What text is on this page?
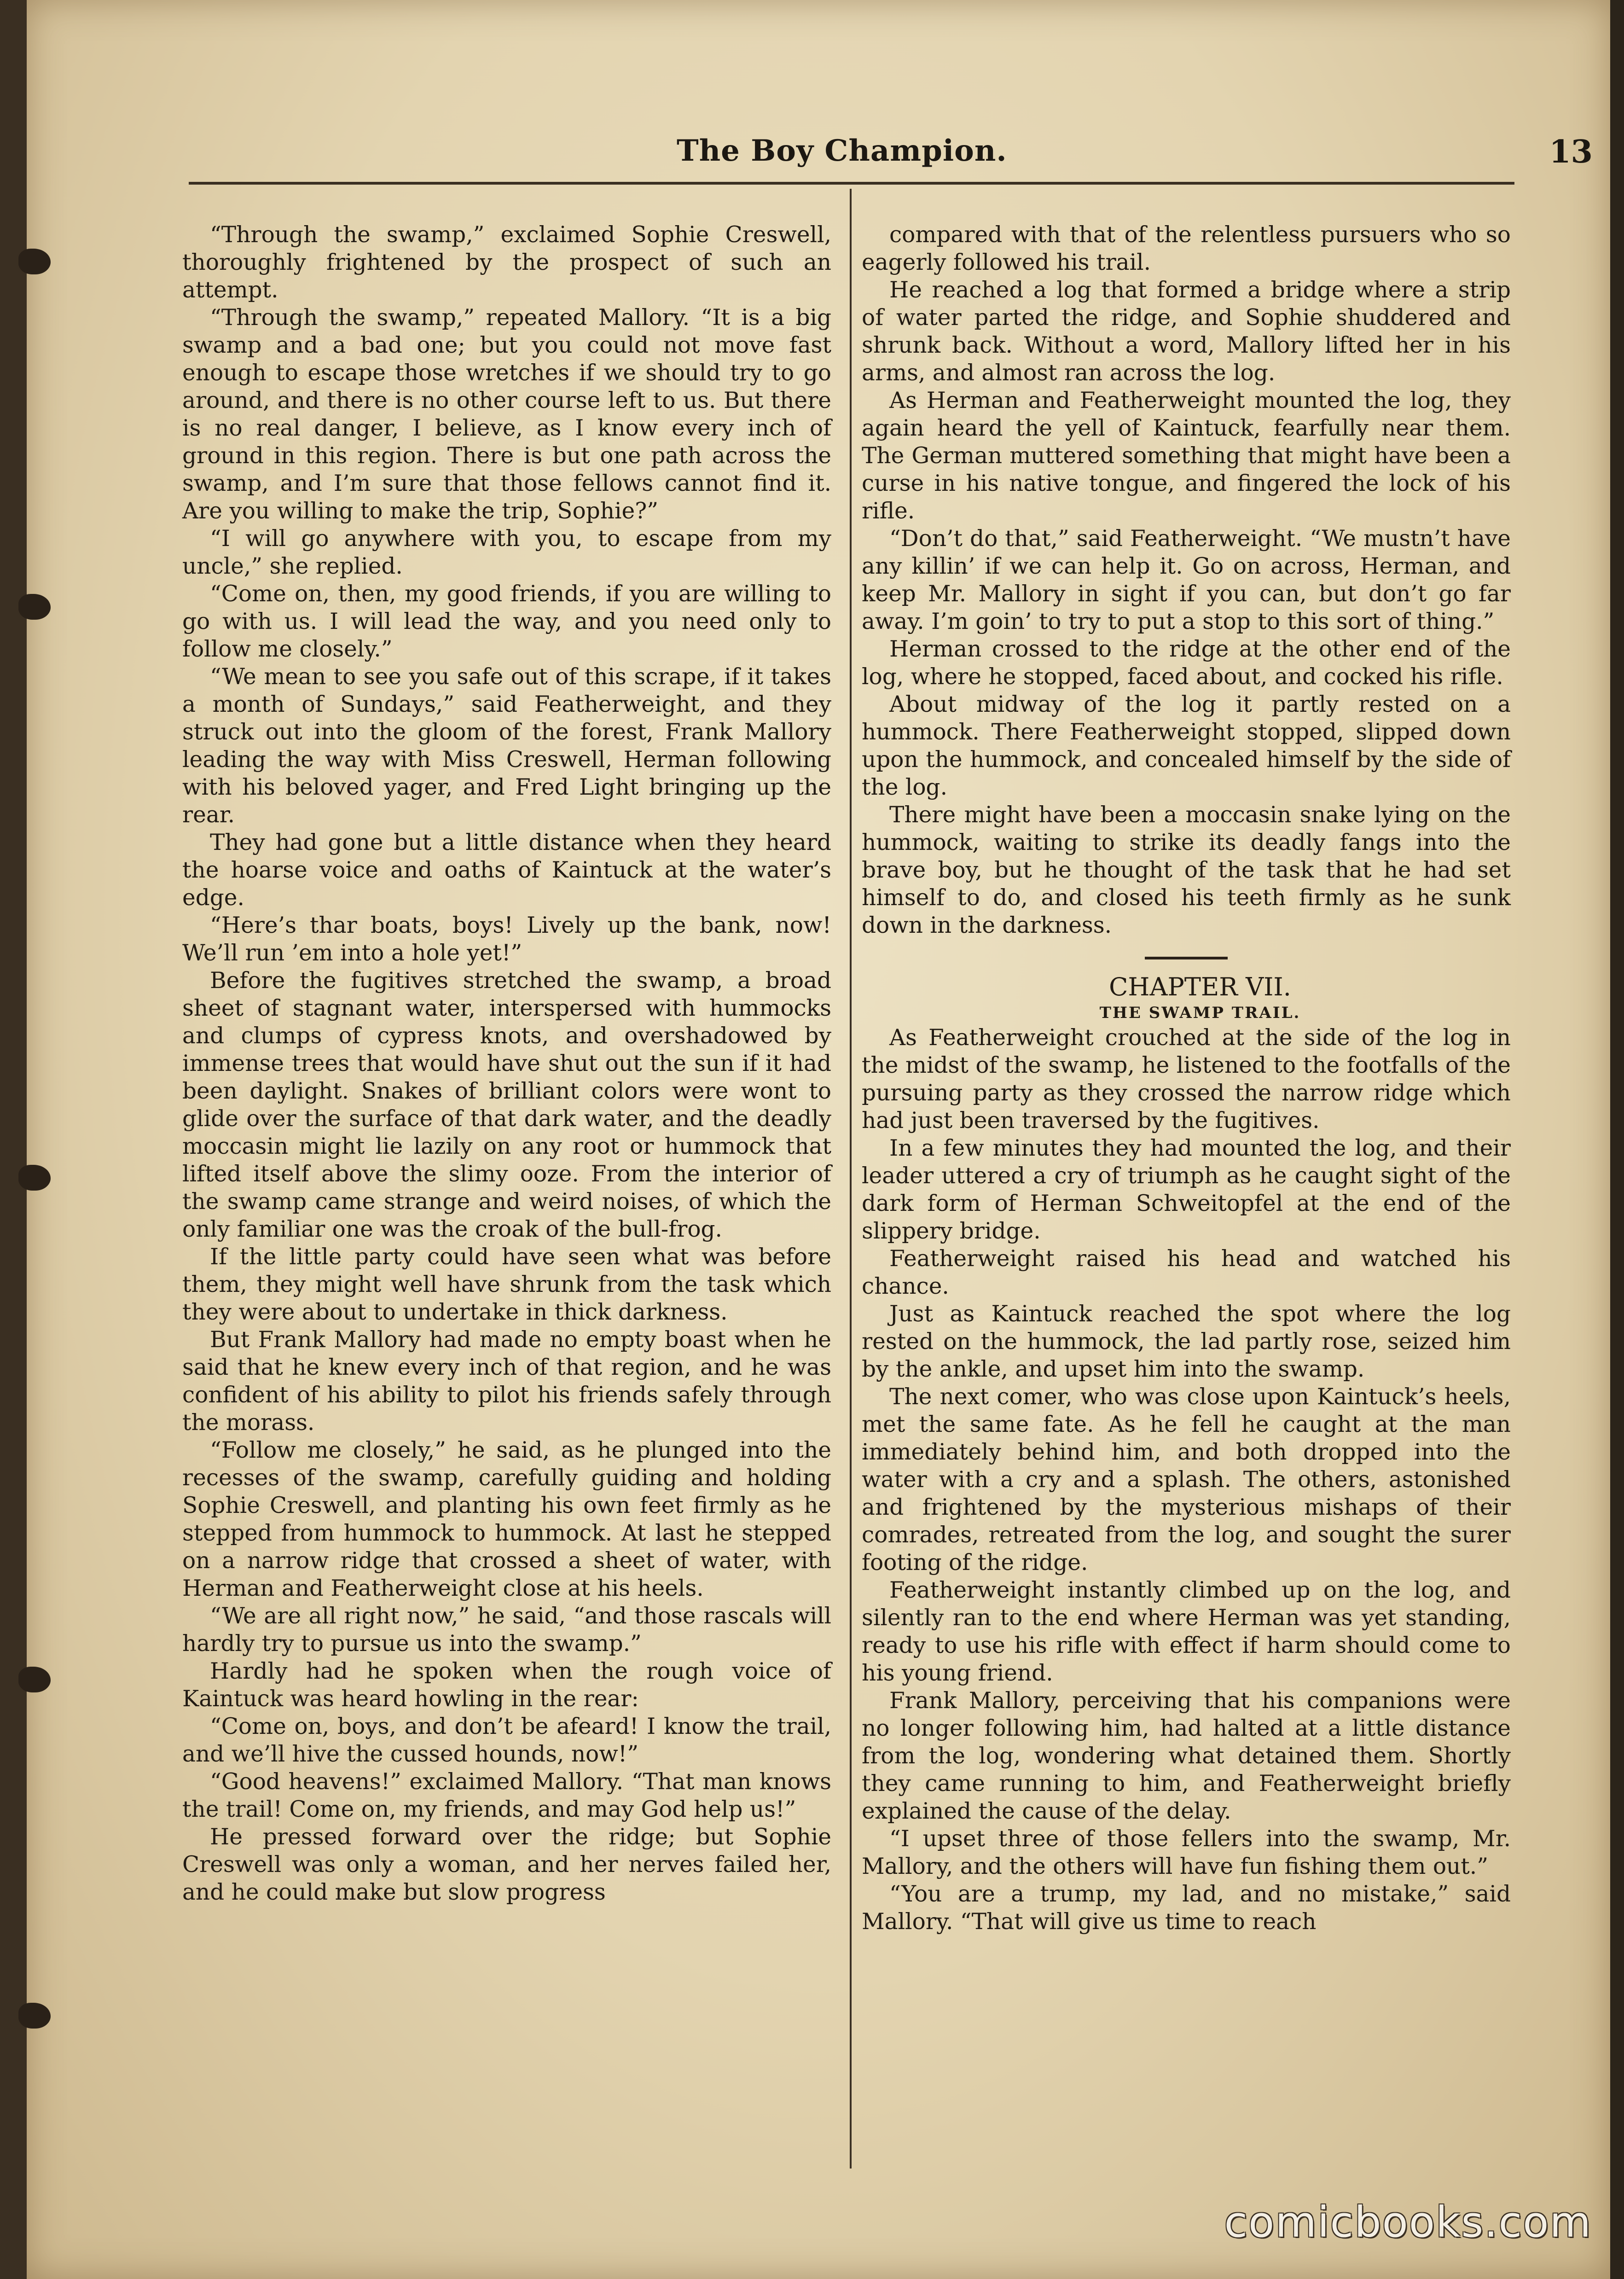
The Boy Champion.	13

“Through the swamp,” exclaimed Sophie Creswell, thoroughly frightened by the prospect of such an attempt.

“Through the swamp,” repeated Mallory. “It is a big swamp and a bad one; but you could not move fast enough to escape those wretches if we should try to go around, and there is no other course left to us. But there is no real danger, I believe, as I know every inch of ground in this region. There is but one path across the swamp, and I’m sure that those fellows cannot find it. Are you willing to make the trip, Sophie?”

“I will go anywhere with you, to escape from my uncle,” she replied.

“Come on, then, my good friends, if you are willing to go with us. I will lead the way, and you need only to follow me closely.”

“We mean to see you safe out of this scrape, if it takes a month of Sundays,” said Featherweight, and they struck out into the gloom of the forest, Frank Mallory leading the way with Miss Creswell, Herman following with his beloved yager, and Fred Light bringing up the rear.

They had gone but a little distance when they heard the hoarse voice and oaths of Kaintuck at the water’s edge.

“Here’s thar boats, boys! Lively up the bank, now! We’ll run ’em into a hole yet!”

Before the fugitives stretched the swamp, a broad sheet of stagnant water, interspersed with hummocks and clumps of cypress knots, and overshadowed by immense trees that would have shut out the sun if it had been daylight. Snakes of brilliant colors were wont to glide over the surface of that dark water, and the deadly moccasin might lie lazily on any root or hummock that lifted itself above the slimy ooze. From the interior of the swamp came strange and weird noises, of which the only familiar one was the croak of the bull-frog.

If the little party could have seen what was before them, they might well have shrunk from the task which they were about to undertake in thick darkness.

But Frank Mallory had made no empty boast when he said that he knew every inch of that region, and he was confident of his ability to pilot his friends safely through the morass.

“Follow me closely,” he said, as he plunged into the recesses of the swamp, carefully guiding and holding Sophie Creswell, and planting his own feet firmly as he stepped from hummock to hummock. At last he stepped on a narrow ridge that crossed a sheet of water, with Herman and Featherweight close at his heels.

“We are all right now,” he said, “and those rascals will hardly try to pursue us into the swamp.”

Hardly had he spoken when the rough voice of Kaintuck was heard howling in the rear:

“Come on, boys, and don’t be afeard! I know the trail, and we’ll hive the cussed hounds, now!”

“Good heavens!” exclaimed Mallory. “That man knows the trail! Come on, my friends, and may God help us!”

He pressed forward over the ridge; but Sophie Creswell was only a woman, and her nerves failed her, and he could make but slow progress

compared with that of the relentless pursuers who so eagerly followed his trail.

He reached a log that formed a bridge where a strip of water parted the ridge, and Sophie shuddered and shrunk back. Without a word, Mallory lifted her in his arms, and almost ran across the log.

As Herman and Featherweight mounted the log, they again heard the yell of Kaintuck, fearfully near them. The German muttered something that might have been a curse in his native tongue, and fingered the lock of his rifle.

“Don’t do that,” said Featherweight. “We mustn’t have any killin’ if we can help it. Go on across, Herman, and keep Mr. Mallory in sight if you can, but don’t go far away. I’m goin’ to try to put a stop to this sort of thing.”

Herman crossed to the ridge at the other end of the log, where he stopped, faced about, and cocked his rifle.

About midway of the log it partly rested on a hummock. There Featherweight stopped, slipped down upon the hummock, and concealed himself by the side of the log.

There might have been a moccasin snake lying on the hummock, waiting to strike its deadly fangs into the brave boy, but he thought of the task that he had set himself to do, and closed his teeth firmly as he sunk down in the darkness.

CHAPTER VII.

THE SWAMP TRAIL.

As Featherweight crouched at the side of the log in the midst of the swamp, he listened to the footfalls of the pursuing party as they crossed the narrow ridge which had just been traversed by the fugitives.

In a few minutes they had mounted the log, and their leader uttered a cry of triumph as he caught sight of the dark form of Herman Schweitopfel at the end of the slippery bridge.

Featherweight raised his head and watched his chance.

Just as Kaintuck reached the spot where the log rested on the hummock, the lad partly rose, seized him by the ankle, and upset him into the swamp.

The next comer, who was close upon Kaintuck’s heels, met the same fate. As he fell he caught at the man immediately behind him, and both dropped into the water with a cry and a splash. The others, astonished and frightened by the mysterious mishaps of their comrades, retreated from the log, and sought the surer footing of the ridge.

Featherweight instantly climbed up on the log, and silently ran to the end where Herman was yet standing, ready to use his rifle with effect if harm should come to his young friend.

Frank Mallory, perceiving that his companions were no longer following him, had halted at a little distance from the log, wondering what detained them. Shortly they came running to him, and Featherweight briefly explained the cause of the delay.

“I upset three of those fellers into the swamp, Mr. Mallory, and the others will have fun fishing them out.”

“You are a trump, my lad, and no mistake,” said Mallory. “That will give us time to reach

comicbooks.com
